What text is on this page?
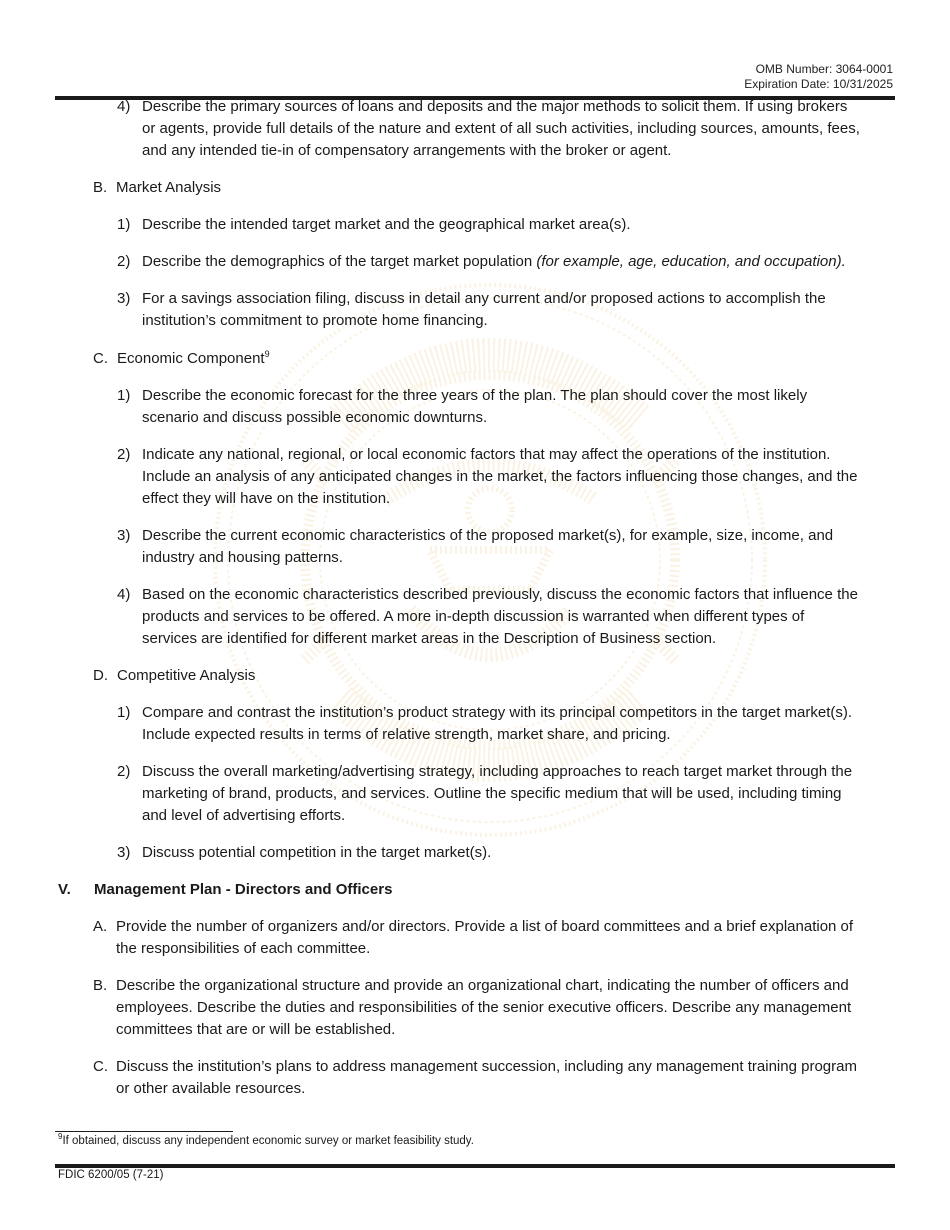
OMB Number: 3064-0001
Expiration Date: 10/31/2025
4) Describe the primary sources of loans and deposits and the major methods to solicit them. If using brokers
or agents, provide full details of the nature and extent of all such activities, including sources, amounts, fees,
and any intended tie-in of compensatory arrangements with the broker or agent.
B. Market Analysis
1) Describe the intended target market and the geographical market area(s).
2) Describe the demographics of the target market population (for example, age, education, and occupation).
3) For a savings association filing, discuss in detail any current and/or proposed actions to accomplish the
institution’s commitment to promote home financing.
C. Economic Component$^9$
1) Describe the economic forecast for the three years of the plan. The plan should cover the most likely
scenario and discuss possible economic downturns.
2) Indicate any national, regional, or local economic factors that may affect the operations of the institution.
Include an analysis of any anticipated changes in the market, the factors influencing those changes, and the
effect they will have on the institution.
3) Describe the current economic characteristics of the proposed market(s), for example, size, income, and
industry and housing patterns.
4) Based on the economic characteristics described previously, discuss the economic factors that influence the
products and services to be offered. A more in-depth discussion is warranted when different types of
services are identified for different market areas in the Description of Business section.
D. Competitive Analysis
1) Compare and contrast the institution’s product strategy with its principal competitors in the target market(s).
Include expected results in terms of relative strength, market share, and pricing.
2) Discuss the overall marketing/advertising strategy, including approaches to reach target market through the
marketing of brand, products, and services. Outline the specific medium that will be used, including timing
and level of advertising efforts.
3) Discuss potential competition in the target market(s).
V. Management Plan - Directors and Officers
A. Provide the number of organizers and/or directors. Provide a list of board committees and a brief explanation of
the responsibilities of each committee.
B. Describe the organizational structure and provide an organizational chart, indicating the number of officers and
employees. Describe the duties and responsibilities of the senior executive officers. Describe any management
committees that are or will be established.
C. Discuss the institution’s plans to address management succession, including any management training program
or other available resources.
$^9$If obtained, discuss any independent economic survey or market feasibility study.
FDIC 6200/05 (7-21)
